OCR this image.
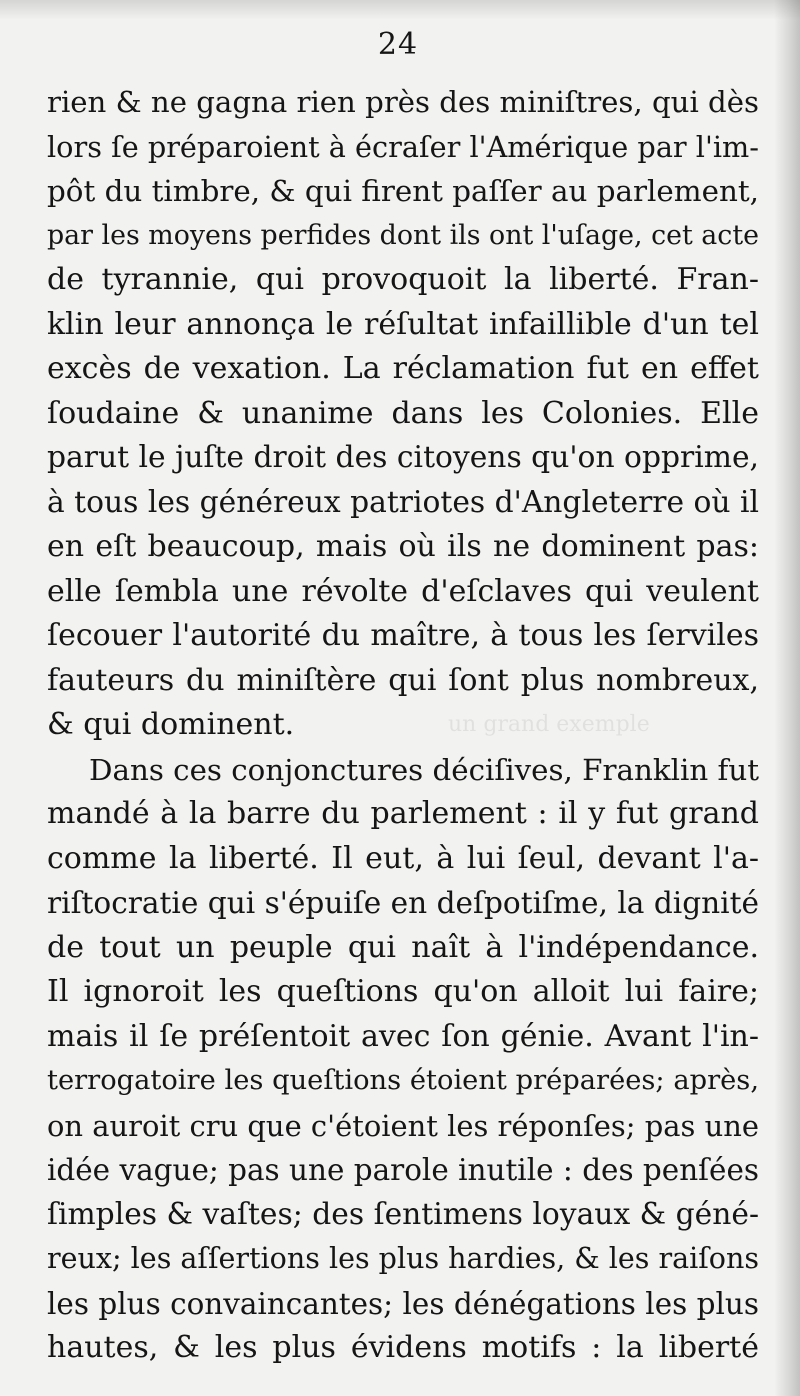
24
un grand exemple
rien & ne gagna rien près des miniſtres, qui dès
lors ſe préparoient à écraſer l'Amérique par l'im-
pôt du timbre, & qui firent paſſer au parlement,
par les moyens perfides dont ils ont l'uſage, cet acte
de tyrannie, qui provoquoit la liberté. Fran-
klin leur annonça le réſultat infaillible d'un tel
excès de vexation. La réclamation fut en effet
ſoudaine & unanime dans les Colonies. Elle
parut le juſte droit des citoyens qu'on opprime,
à tous les généreux patriotes d'Angleterre où il
en eſt beaucoup, mais où ils ne dominent pas:
elle ſembla une révolte d'eſclaves qui veulent
ſecouer l'autorité du maître, à tous les ſerviles
fauteurs du miniſtère qui ſont plus nombreux,
& qui dominent.
Dans ces conjonctures déciſives, Franklin fut
mandé à la barre du parlement : il y fut grand
comme la liberté. Il eut, à lui ſeul, devant l'a-
riſtocratie qui s'épuiſe en deſpotiſme, la dignité
de tout un peuple qui naît à l'indépendance.
Il ignoroit les queſtions qu'on alloit lui faire;
mais il ſe préſentoit avec ſon génie. Avant l'in-
terrogatoire les queſtions étoient préparées; après,
on auroit cru que c'étoient les réponſes; pas une
idée vague; pas une parole inutile : des penſées
ſimples & vaſtes; des ſentimens loyaux & géné-
reux; les aſſertions les plus hardies, & les raiſons
les plus convaincantes; les dénégations les plus
hautes, & les plus évidens motifs : la liberté
